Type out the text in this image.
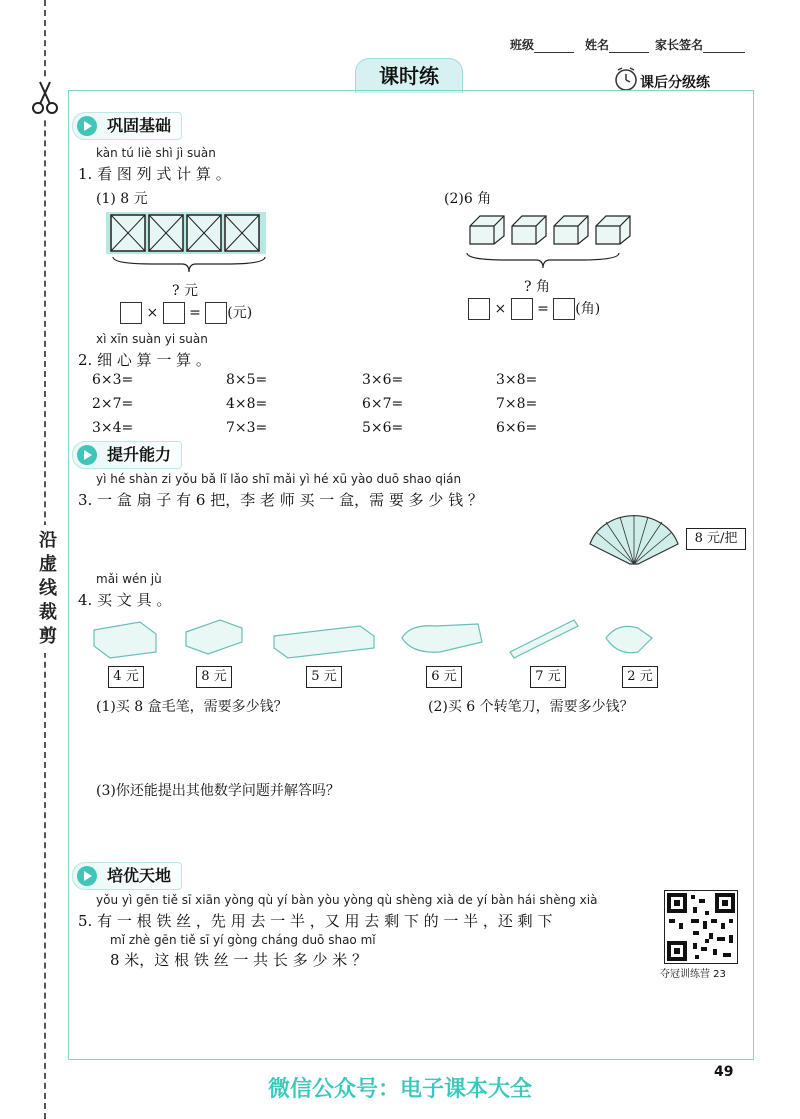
沿
虚
线
裁
剪
班级	姓名	家长签名
课时练	课后分级练
巩固基础
kàn tú liè shì jì suàn
1. 看 图 列 式 计 算 。
(1) 8 元
? 元
× = (元)
(2)6 角
? 角
× = (角)
xì xīn suàn yi suàn
2. 细 心 算 一 算 。
6×3=	8×5=	3×6=	3×8=
2×7=	4×8=	6×7=	7×8=
3×4=	7×3=	5×6=	6×6=
提升能力
yì hé shàn zi yǒu bǎ lǐ lǎo shī mǎi yì hé xū yào duō shao qián
3. 一 盒 扇 子 有 6 把，李 老 师 买 一 盒，需 要 多 少 钱 ？
8 元/把
mǎi wén jù
4. 买 文 具 。
4 元	8 元	5 元	6 元	7 元	2 元
(1)买 8 盒毛笔，需要多少钱？	(2)买 6 个转笔刀，需要多少钱？
(3)你还能提出其他数学问题并解答吗？
培优天地
yǒu yì gēn tiě sī xiān yòng qù yí bàn yòu yòng qù shèng xià de yí bàn hái shèng xià
5. 有 一 根 铁 丝 ，先 用 去 一 半 ，又 用 去 剩 下 的 一 半 ，还 剩 下
mǐ zhè gēn tiě sī yí gòng cháng duō shao mǐ
8 米，这 根 铁 丝 一 共 长 多 少 米 ？
夺冠训练营 23
49
微信公众号：电子课本大全
